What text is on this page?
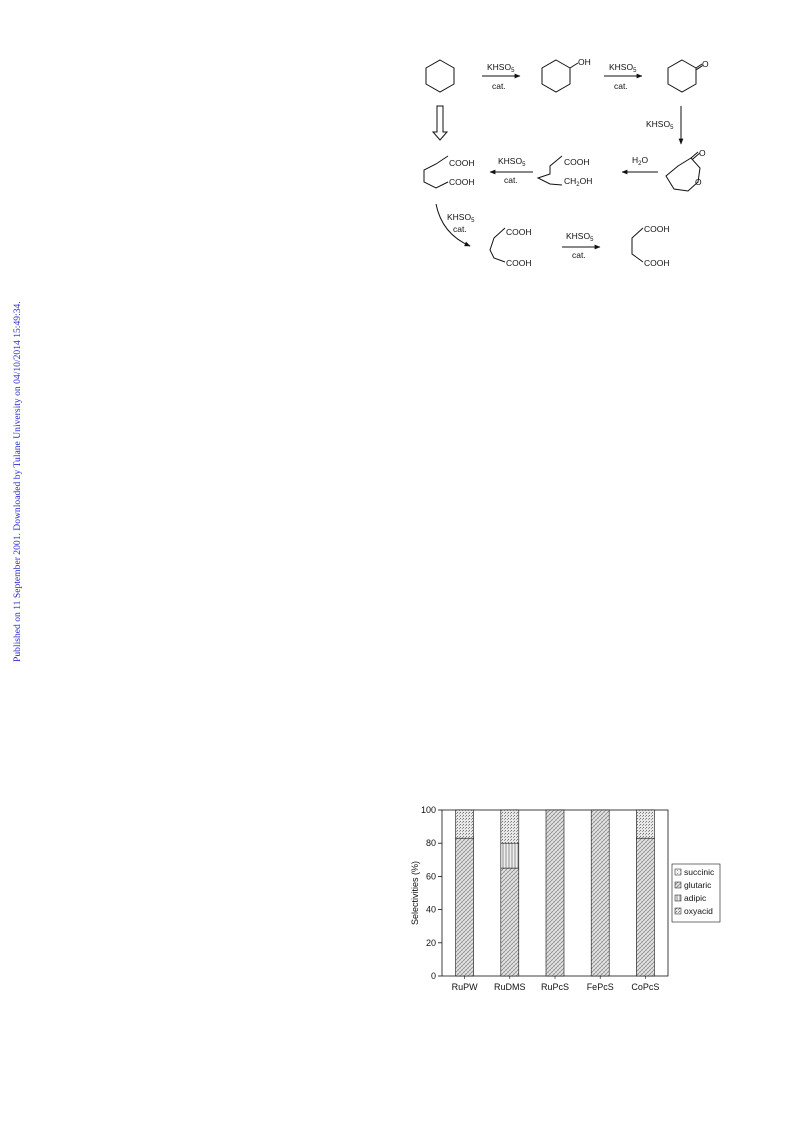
Published on 11 September 2001. Downloaded by Tulane University on 04/10/2014 15:49:34.
$KHSO_5$
cat.
OH $KHSO_5$
cat.
O
$KHSO_5$
O
O
$H_2O$
COOH
$CH_2OH$
$KHSO_5$
cat.
COOH
COOH
$KHSO_5$
cat.	COOH
COOH
$KHSO_5$
cat.
COOH
COOH
0
20
40
60
80
100
Selectivities (%)
RuPW RuDMS RuPcS FePcS CoPcS
succinic
glutaric
adipic
oxyacid
